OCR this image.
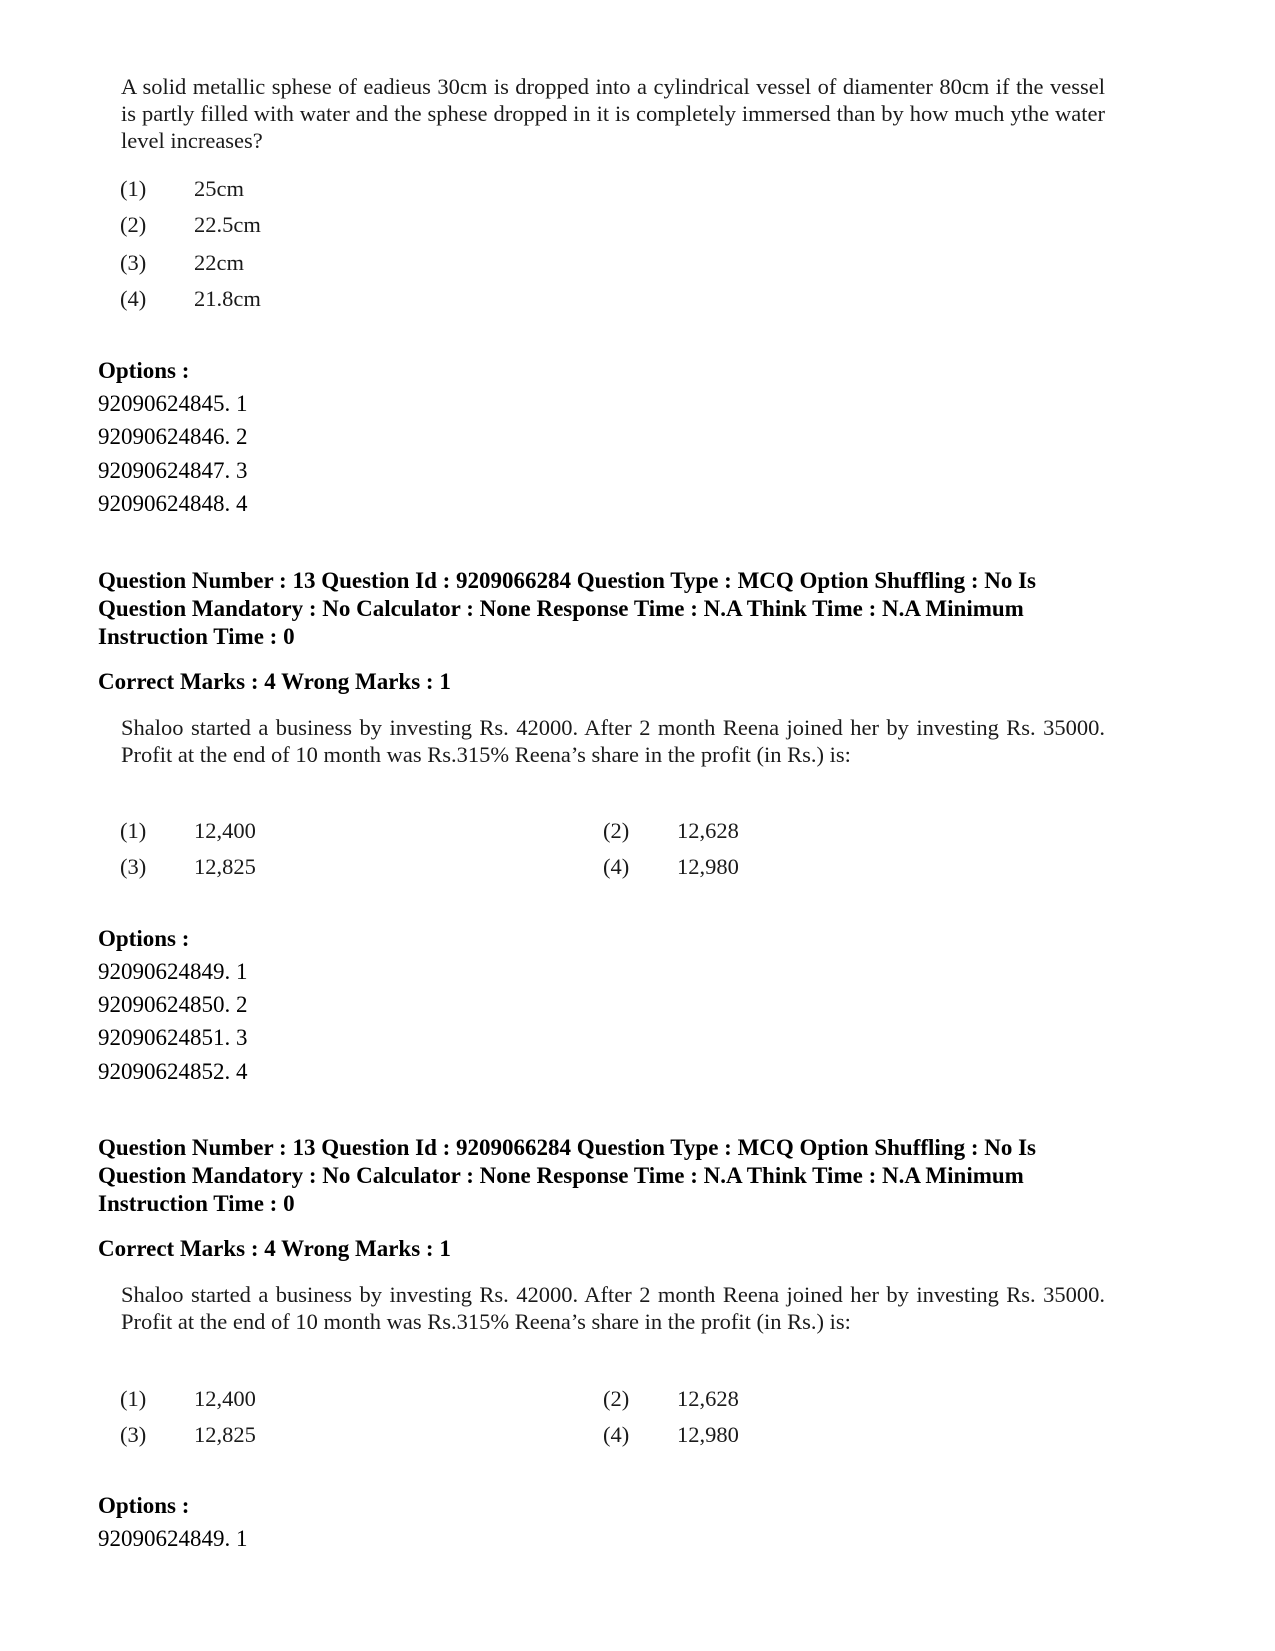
A solid metallic sphese of eadieus 30cm is dropped into a cylindrical vessel of diamenter 80cm if the vessel is partly filled with water and the sphese dropped in it is completely immersed than by how much ythe water level increases?
(1) 25cm
(2) 22.5cm
(3) 22cm
(4) 21.8cm
Options :
92090624845. 1
92090624846. 2
92090624847. 3
92090624848. 4
Question Number : 13 Question Id : 9209066284 Question Type : MCQ Option Shuffling : No Is Question Mandatory : No Calculator : None Response Time : N.A Think Time : N.A Minimum Instruction Time : 0
Correct Marks : 4 Wrong Marks : 1
Shaloo started a business by investing Rs. 42000. After 2 month Reena joined her by investing Rs. 35000. Profit at the end of 10 month was Rs.315% Reena’s share in the profit (in Rs.) is:
(1) 12,400	(2) 12,628
(3) 12,825	(4) 12,980
Options :
92090624849. 1
92090624850. 2
92090624851. 3
92090624852. 4
Question Number : 13 Question Id : 9209066284 Question Type : MCQ Option Shuffling : No Is Question Mandatory : No Calculator : None Response Time : N.A Think Time : N.A Minimum Instruction Time : 0
Correct Marks : 4 Wrong Marks : 1
Shaloo started a business by investing Rs. 42000. After 2 month Reena joined her by investing Rs. 35000. Profit at the end of 10 month was Rs.315% Reena’s share in the profit (in Rs.) is:
(1) 12,400	(2) 12,628
(3) 12,825	(4) 12,980
Options :
92090624849. 1
